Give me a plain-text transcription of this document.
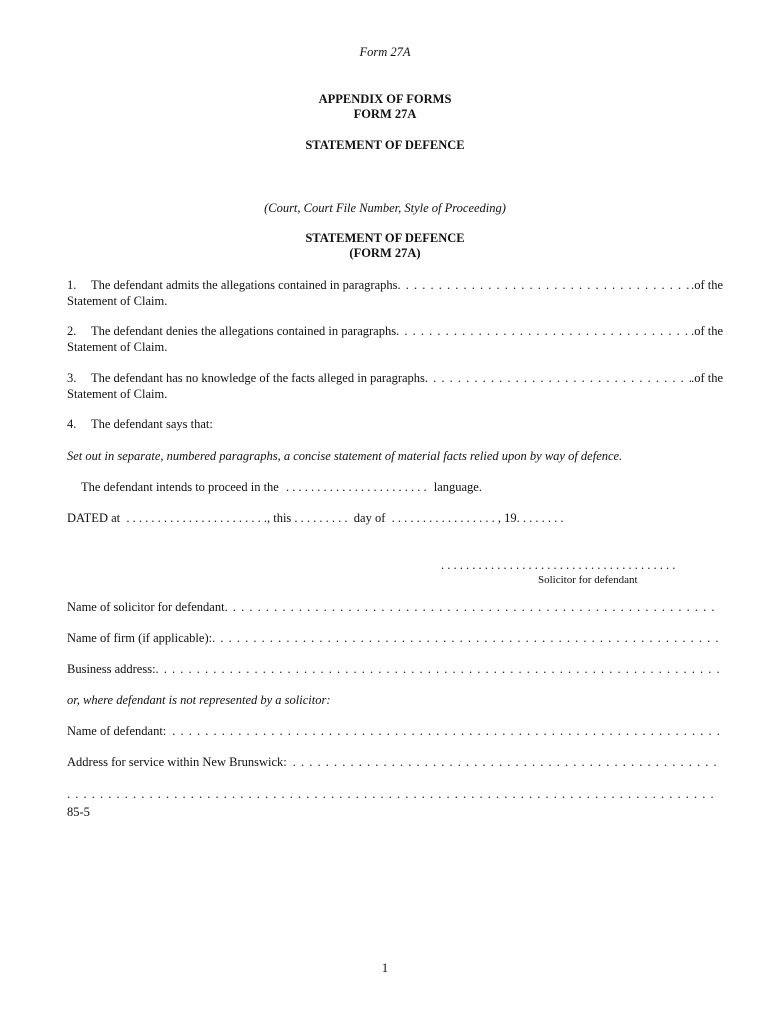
Form 27A
APPENDIX OF FORMS
FORM 27A
STATEMENT OF DEFENCE
(Court, Court File Number, Style of Proceeding)
STATEMENT OF DEFENCE
(FORM 27A)
1.	The defendant admits the allegations contained in paragraphs . . .	.of the
Statement of Claim.
2.	The defendant denies the allegations contained in paragraphs . . .	.of the
Statement of Claim.
3.	The defendant has no knowledge of the facts alleged in paragraphs . . .	.of the
Statement of Claim.
4. The defendant says that:
Set out in separate, numbered paragraphs, a concise statement of material facts relied upon by way of defence.
The defendant intends to proceed in the . . . . . . . . . . . . . . . . . . . . . . . language.
DATED at  . . . . . . . . . . . . . . . . . . . . . . ., this . . . . . . . . .  day of  . . . . . . . . . . . . . . . . . , 19. . . . . . . .
. . . . . . . . . . . . . . . . . . . . . . . . . . . . . . . . . . . . . .
Solicitor for defendant
Name of solicitor for defendant
. . .
Name of firm (if applicable):
. . .
Business address:
. . .
or, where defendant is not represented by a solicitor:
Name of defendant:
. . .
Address for service within New Brunswick:
. . .
. . .
85-5
1
